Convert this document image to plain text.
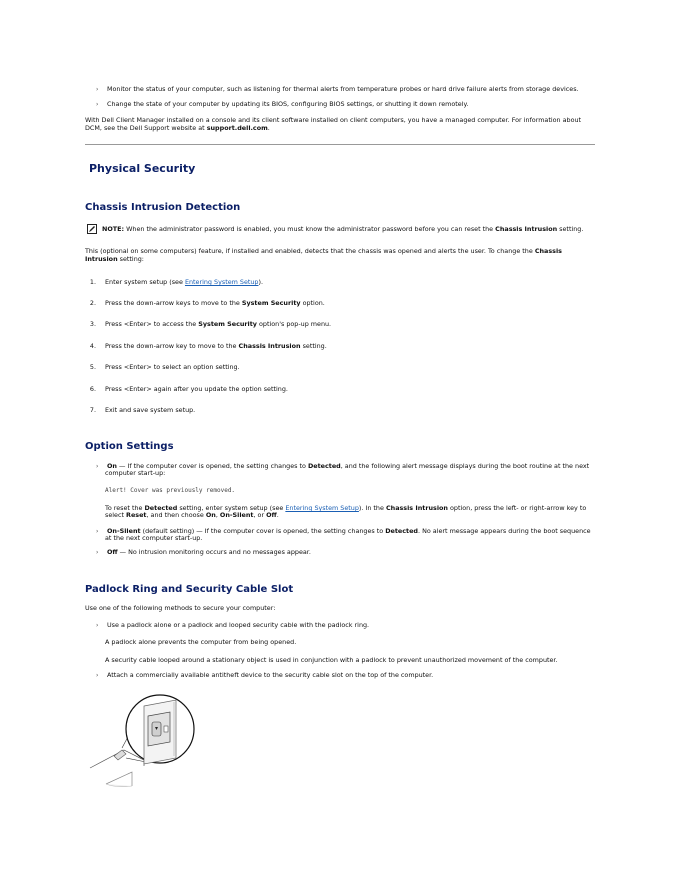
› Monitor the status of your computer, such as listening for thermal alerts from temperature probes or hard drive failure alerts from storage devices.
› Change the state of your computer by updating its BIOS, configuring BIOS settings, or shutting it down remotely.
With Dell Client Manager installed on a console and its client software installed on client computers, you have a managed computer. For information about
DCM, see the Dell Support website at support.dell.com.
Physical Security
Chassis Intrusion Detection
NOTE: When the administrator password is enabled, you must know the administrator password before you can reset the Chassis Intrusion setting.
This (optional on some computers) feature, if installed and enabled, detects that the chassis was opened and alerts the user. To change the Chassis
Intrusion setting:
1. Enter system setup (see Entering System Setup).
2. Press the down-arrow keys to move to the System Security option.
3. Press <Enter> to access the System Security option's pop-up menu.
4. Press the down-arrow key to move to the Chassis Intrusion setting.
5. Press <Enter> to select an option setting.
6. Press <Enter> again after you update the option setting.
7. Exit and save system setup.
Option Settings
› On — If the computer cover is opened, the setting changes to Detected, and the following alert message displays during the boot routine at the next
computer start-up:
Alert! Cover was previously removed.
To reset the Detected setting, enter system setup (see Entering System Setup). In the Chassis Intrusion option, press the left- or right-arrow key to
select Reset, and then choose On, On-Silent, or Off.
› On-Silent (default setting) — If the computer cover is opened, the setting changes to Detected. No alert message appears during the boot sequence
at the next computer start-up.
› Off — No intrusion monitoring occurs and no messages appear.
Padlock Ring and Security Cable Slot
Use one of the following methods to secure your computer:
› Use a padlock alone or a padlock and looped security cable with the padlock ring.
A padlock alone prevents the computer from being opened.
A security cable looped around a stationary object is used in conjunction with a padlock to prevent unauthorized movement of the computer.
› Attach a commercially available antitheft device to the security cable slot on the top of the computer.
